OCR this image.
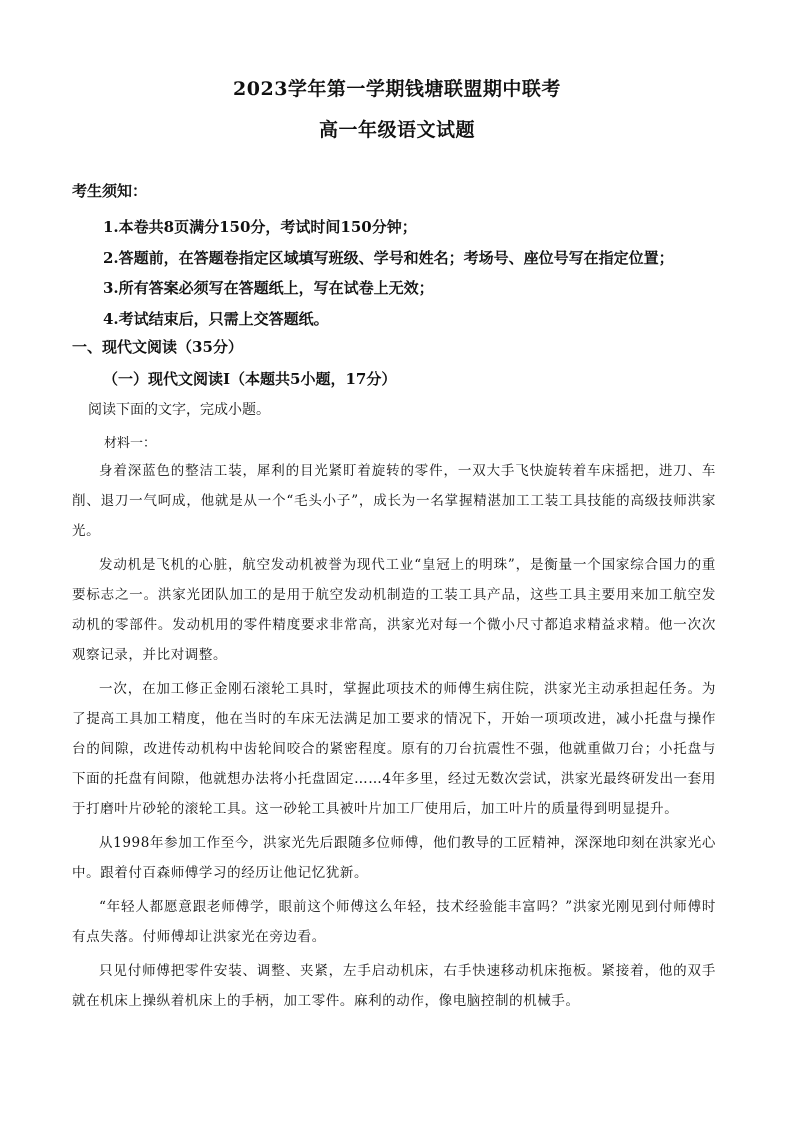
2023学年第一学期钱塘联盟期中联考
高一年级语文试题
考生须知：
1.本卷共8页满分150分，考试时间150分钟；
2.答题前，在答题卷指定区域填写班级、学号和姓名；考场号、座位号写在指定位置；
3.所有答案必须写在答题纸上，写在试卷上无效；
4.考试结束后，只需上交答题纸。
一、现代文阅读（35分）
（一）现代文阅读Ⅰ（本题共5小题，17分）
阅读下面的文字，完成小题。
材料一：

身着深蓝色的整洁工装，犀利的目光紧盯着旋转的零件，一双大手飞快旋转着车床摇把，进刀、车削、退刀一气呵成，他就是从一个“毛头小子”，成长为一名掌握精湛加工工装工具技能的高级技师洪家光。

发动机是飞机的心脏，航空发动机被誉为现代工业“皇冠上的明珠”，是衡量一个国家综合国力的重要标志之一。洪家光团队加工的是用于航空发动机制造的工装工具产品，这些工具主要用来加工航空发动机的零部件。发动机用的零件精度要求非常高，洪家光对每一个微小尺寸都追求精益求精。他一次次观察记录，并比对调整。

一次，在加工修正金刚石滚轮工具时，掌握此项技术的师傅生病住院，洪家光主动承担起任务。为了提高工具加工精度，他在当时的车床无法满足加工要求的情况下，开始一项项改进，减小托盘与操作台的间隙，改进传动机构中齿轮间咬合的紧密程度。原有的刀台抗震性不强，他就重做刀台；小托盘与下面的托盘有间隙，他就想办法将小托盘固定……4年多里，经过无数次尝试，洪家光最终研发出一套用于打磨叶片砂轮的滚轮工具。这一砂轮工具被叶片加工厂使用后，加工叶片的质量得到明显提升。

从1998年参加工作至今，洪家光先后跟随多位师傅，他们教导的工匠精神，深深地印刻在洪家光心中。跟着付百森师傅学习的经历让他记忆犹新。

“年轻人都愿意跟老师傅学，眼前这个师傅这么年轻，技术经验能丰富吗？”洪家光刚见到付师傅时有点失落。付师傅却让洪家光在旁边看。

只见付师傅把零件安装、调整、夹紧，左手启动机床，右手快速移动机床拖板。紧接着，他的双手就在机床上操纵着机床上的手柄，加工零件。麻利的动作，像电脑控制的机械手。
